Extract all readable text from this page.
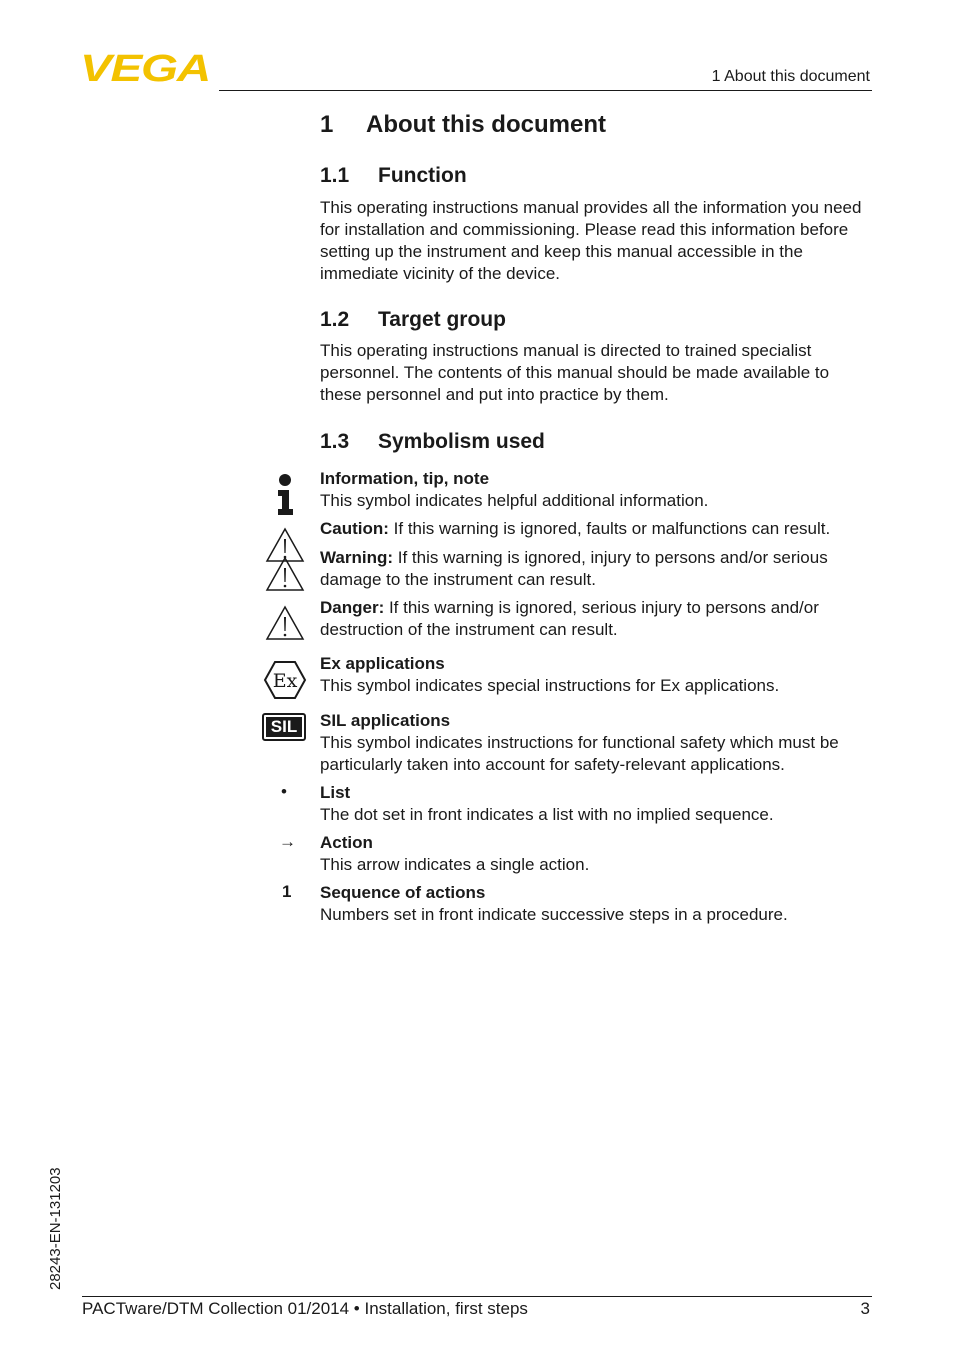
VEGA	1 About this document
1 About this document
1.1 Function
This operating instructions manual provides all the information you need for installation and commissioning. Please read this information before setting up the instrument and keep this manual accessible in the immediate vicinity of the device.
1.2 Target group
This operating instructions manual is directed to trained specialist personnel. The contents of this manual should be made available to these personnel and put into practice by them.
1.3 Symbolism used
Information, tip, note
This symbol indicates helpful additional information.
Caution: If this warning is ignored, faults or malfunctions can result.
Warning: If this warning is ignored, injury to persons and/or serious damage to the instrument can result.
Danger: If this warning is ignored, serious injury to persons and/or destruction of the instrument can result.
Ex
Ex applications
This symbol indicates special instructions for Ex applications.
SIL SIL applications
This symbol indicates instructions for functional safety which must be particularly taken into account for safety-relevant applications.
• List
The dot set in front indicates a list with no implied sequence.
→ Action
This arrow indicates a single action.
1 Sequence of actions
Numbers set in front indicate successive steps in a procedure.
28243-EN-131203
PACTware/DTM Collection 01/2014 • Installation, first steps	3
